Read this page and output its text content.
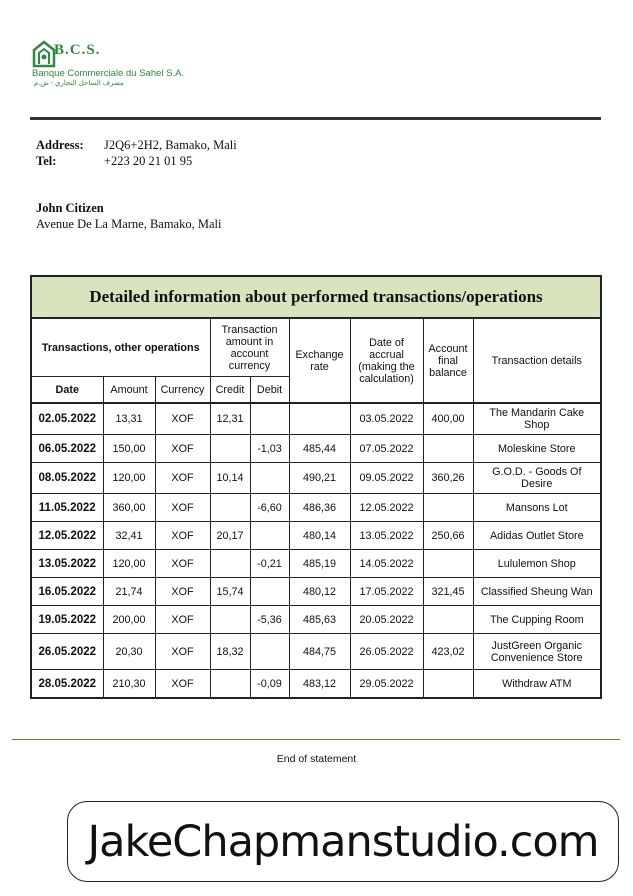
B.C.S.
Banque Commerciale du Sahel S.A.
مصرف الساحل التجاري - ش.م
Address:	J2Q6+2H2, Bamako, Mali
Tel:	+223 20 21 01 95
John Citizen
Avenue De La Marne, Bamako, Mali
Detailed information about performed transactions/operations								
Transactions, other operations			Transaction amount in account currency		Exchange rate	Date of accrual (making the calculation)	Account final balance	Transaction details
Date	Amount	Currency	Credit	Debit				
02.05.2022	13,31	XOF	12,31			03.05.2022	400,00	The Mandarin Cake Shop
06.05.2022	150,00	XOF		-1,03	485,44	07.05.2022		Moleskine Store
08.05.2022	120,00	XOF	10,14		490,21	09.05.2022	360,26	G.O.D. - Goods Of Desire
11.05.2022	360,00	XOF		-6,60	486,36	12.05.2022		Mansons Lot
12.05.2022	32,41	XOF	20,17		480,14	13.05.2022	250,66	Adidas Outlet Store
13.05.2022	120,00	XOF		-0,21	485,19	14.05.2022		Lululemon Shop
16.05.2022	21,74	XOF	15,74		480,12	17.05.2022	321,45	Classified Sheung Wan
19.05.2022	200,00	XOF		-5,36	485,63	20.05.2022		The Cupping Room
26.05.2022	20,30	XOF	18,32		484,75	26.05.2022	423,02	JustGreen Organic Convenience Store
28.05.2022	210,30	XOF		-0,09	483,12	29.05.2022		Withdraw ATM
End of statement
JakeChapmanstudio.com
